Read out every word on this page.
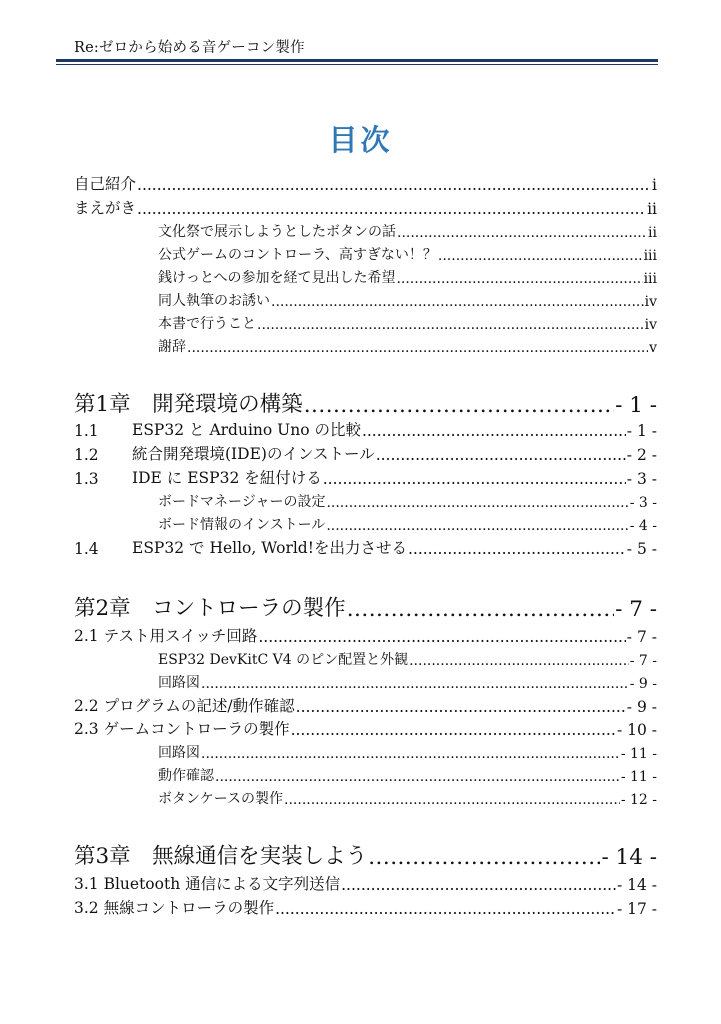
Re:ゼロから始める音ゲーコン製作
目次
自己紹介 .....	i
まえがき .....	ii
文化祭で展示しようとしたボタンの話 .....	ii
公式ゲームのコントローラ、高すぎない！？ .....	iii
銭けっとへの参加を経て見出した希望 .....	iii
同人執筆のお誘い .....	iv
本書で行うこと .....	iv
謝辞 .....	v
第1章　開発環境の構築 .....	- 1 -
1.1	ESP32 と Arduino Uno の比較 .....	- 1 -
1.2	統合開発環境(IDE)のインストール .....	- 2 -
1.3	IDE に ESP32 を紐付ける .....	- 3 -
ボードマネージャーの設定 .....	- 3 -
ボード情報のインストール .....	- 4 -
1.4	ESP32 で Hello, World!を出力させる .....	- 5 -
第2章　コントローラの製作 .....	- 7 -
2.1 テスト用スイッチ回路 .....	- 7 -
ESP32 DevKitC V4 のピン配置と外観 .....	- 7 -
回路図 .....	- 9 -
2.2 プログラムの記述/動作確認 .....	- 9 -
2.3 ゲームコントローラの製作 .....	- 10 -
回路図 .....	- 11 -
動作確認 .....	- 11 -
ボタンケースの製作 .....	- 12 -
第3章　無線通信を実装しよう .....	- 14 -
3.1 Bluetooth 通信による文字列送信 .....	- 14 -
3.2 無線コントローラの製作 .....	- 17 -
